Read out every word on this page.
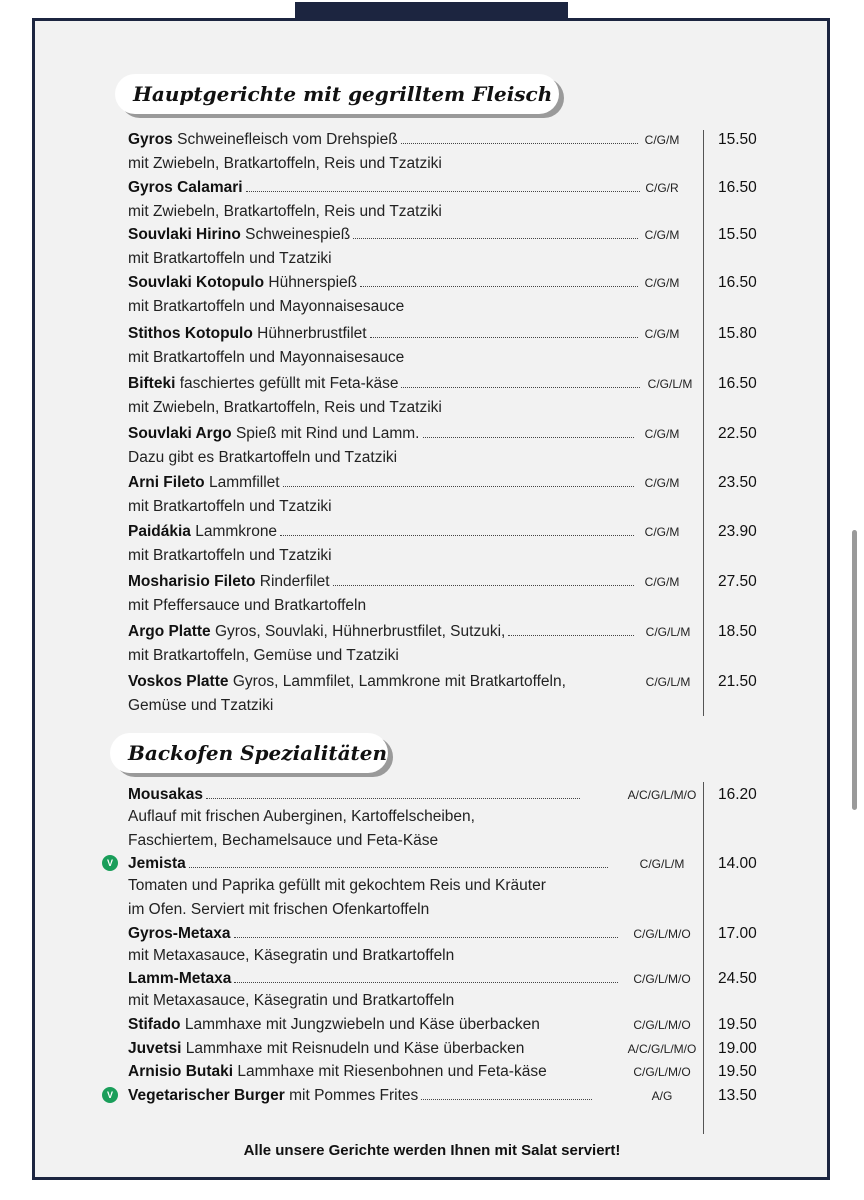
Hauptgerichte mit gegrilltem Fleisch
Backofen Spezialitäten
Gyros Schweinefleisch vom Drehspieß	C/G/M	15.50
mit Zwiebeln, Bratkartoffeln, Reis und Tzatziki
Gyros Calamari	C/G/R	16.50
mit Zwiebeln, Bratkartoffeln, Reis und Tzatziki
Souvlaki Hirino Schweinespieß	C/G/M	15.50
mit Bratkartoffeln und Tzatziki
Souvlaki Kotopulo Hühnerspieß	C/G/M	16.50
mit Bratkartoffeln und Mayonnaisesauce
Stithos Kotopulo Hühnerbrustfilet	C/G/M	15.80
mit Bratkartoffeln und Mayonnaisesauce
Bifteki faschiertes gefüllt mit Feta-käse	C/G/L/M	16.50
mit Zwiebeln, Bratkartoffeln, Reis und Tzatziki
Souvlaki Argo Spieß mit Rind und Lamm.	C/G/M	22.50
Dazu gibt es Bratkartoffeln und Tzatziki
Arni Fileto Lammfillet	C/G/M	23.50
mit Bratkartoffeln und Tzatziki
Paidákia Lammkrone	C/G/M	23.90
mit Bratkartoffeln und Tzatziki
Mosharisio Fileto Rinderfilet	C/G/M	27.50
mit Pfeffersauce und Bratkartoffeln
Argo Platte Gyros, Souvlaki, Hühnerbrustfilet, Sutzuki,	C/G/L/M	18.50
mit Bratkartoffeln, Gemüse und Tzatziki
Voskos Platte Gyros, Lammfilet, Lammkrone mit Bratkartoffeln,	C/G/L/M	21.50
Gemüse und Tzatziki
Mousakas	A/C/G/L/M/O	16.20
Auflauf mit frischen Auberginen, Kartoffelscheiben,
Faschiertem, Bechamelsauce und Feta-Käse
V Jemista	C/G/L/M	14.00
Tomaten und Paprika gefüllt mit gekochtem Reis und Kräuter
im Ofen. Serviert mit frischen Ofenkartoffeln
Gyros-Metaxa	C/G/L/M/O	17.00
mit Metaxasauce, Käsegratin und Bratkartoffeln
Lamm-Metaxa	C/G/L/M/O	24.50
mit Metaxasauce, Käsegratin und Bratkartoffeln
Stifado Lammhaxe mit Jungzwiebeln und Käse überbacken	C/G/L/M/O	19.50
Juvetsi Lammhaxe mit Reisnudeln und Käse überbacken	A/C/G/L/M/O	19.00
Arnisio Butaki Lammhaxe mit Riesenbohnen und Feta-käse	C/G/L/M/O	19.50
V Vegetarischer Burger mit Pommes Frites	A/G	13.50
Alle unsere Gerichte werden Ihnen mit Salat serviert!
